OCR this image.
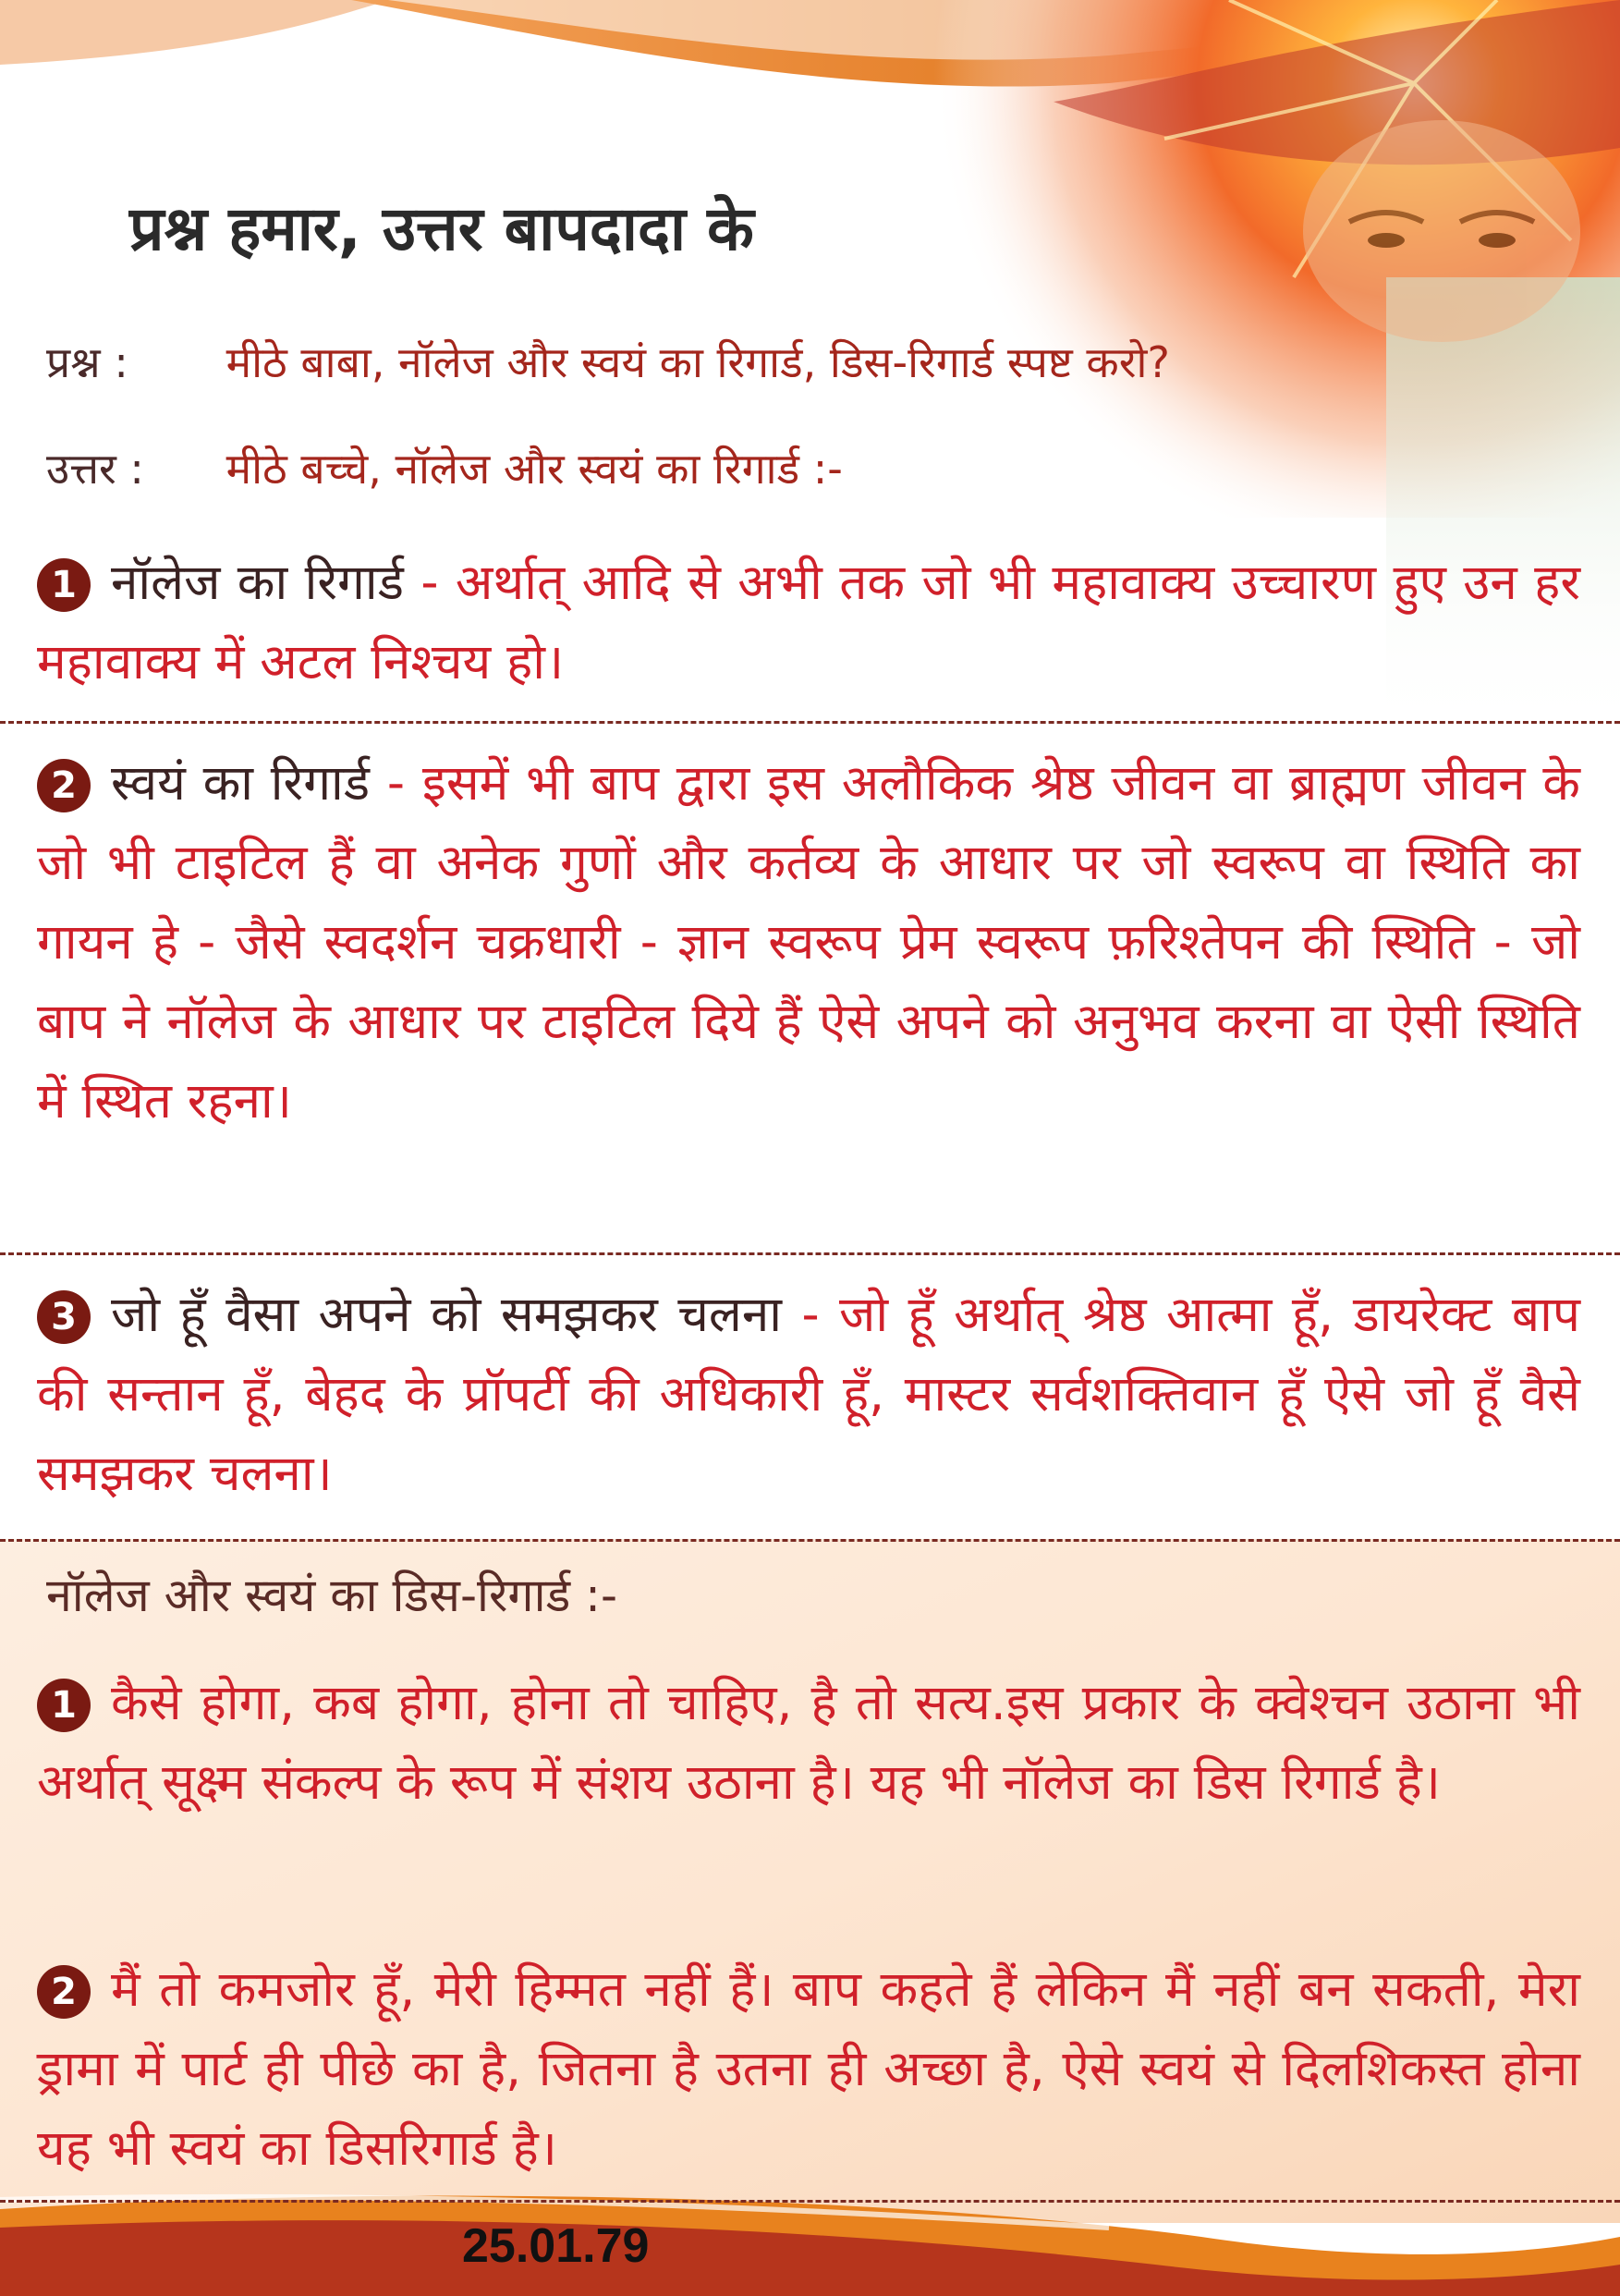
प्रश्न हमार, उत्तर बापदादा के
प्रश्न : मीठे बाबा, नॉलेज और स्वयं का रिगार्ड, डिस-रिगार्ड स्पष्ट करो?
उत्तर : मीठे बच्चे, नॉलेज और स्वयं का रिगार्ड :-
1 नॉलेज का रिगार्ड - अर्थात् आदि से अभी तक जो भी महावाक्य उच्चारण हुए उन हर महावाक्य में अटल निश्चय हो।
2 स्वयं का रिगार्ड - इसमें भी बाप द्वारा इस अलौकिक श्रेष्ठ जीवन वा ब्राह्मण जीवन के जो भी टाइटिल हैं वा अनेक गुणों और कर्तव्य के आधार पर जो स्वरूप वा स्थिति का गायन हे - जैसे स्वदर्शन चक्रधारी - ज्ञान स्वरूप प्रेम स्वरूप फ़रिश्तेपन की स्थिति - जो बाप ने नॉलेज के आधार पर टाइटिल दिये हैं ऐसे अपने को अनुभव करना वा ऐसी स्थिति में स्थित रहना।
3 जो हूँ वैसा अपने को समझकर चलना - जो हूँ अर्थात् श्रेष्ठ आत्मा हूँ, डायरेक्ट बाप की सन्तान हूँ, बेहद के प्रॉपर्टी की अधिकारी हूँ, मास्टर सर्वशक्तिवान हूँ ऐसे जो हूँ वैसे समझकर चलना।
नॉलेज और स्वयं का डिस-रिगार्ड :-
1 कैसे होगा, कब होगा, होना तो चाहिए, है तो सत्य.इस प्रकार के क्वेश्चन उठाना भी अर्थात् सूक्ष्म संकल्प के रूप में संशय उठाना है। यह भी नॉलेज का डिस रिगार्ड है।
2 मैं तो कमजोर हूँ, मेरी हिम्मत नहीं हैं। बाप कहते हैं लेकिन मैं नहीं बन सकती, मेरा ड्रामा में पार्ट ही पीछे का है, जितना है उतना ही अच्छा है, ऐसे स्वयं से दिलशिकस्त होना यह भी स्वयं का डिसरिगार्ड है।
25.01.79
